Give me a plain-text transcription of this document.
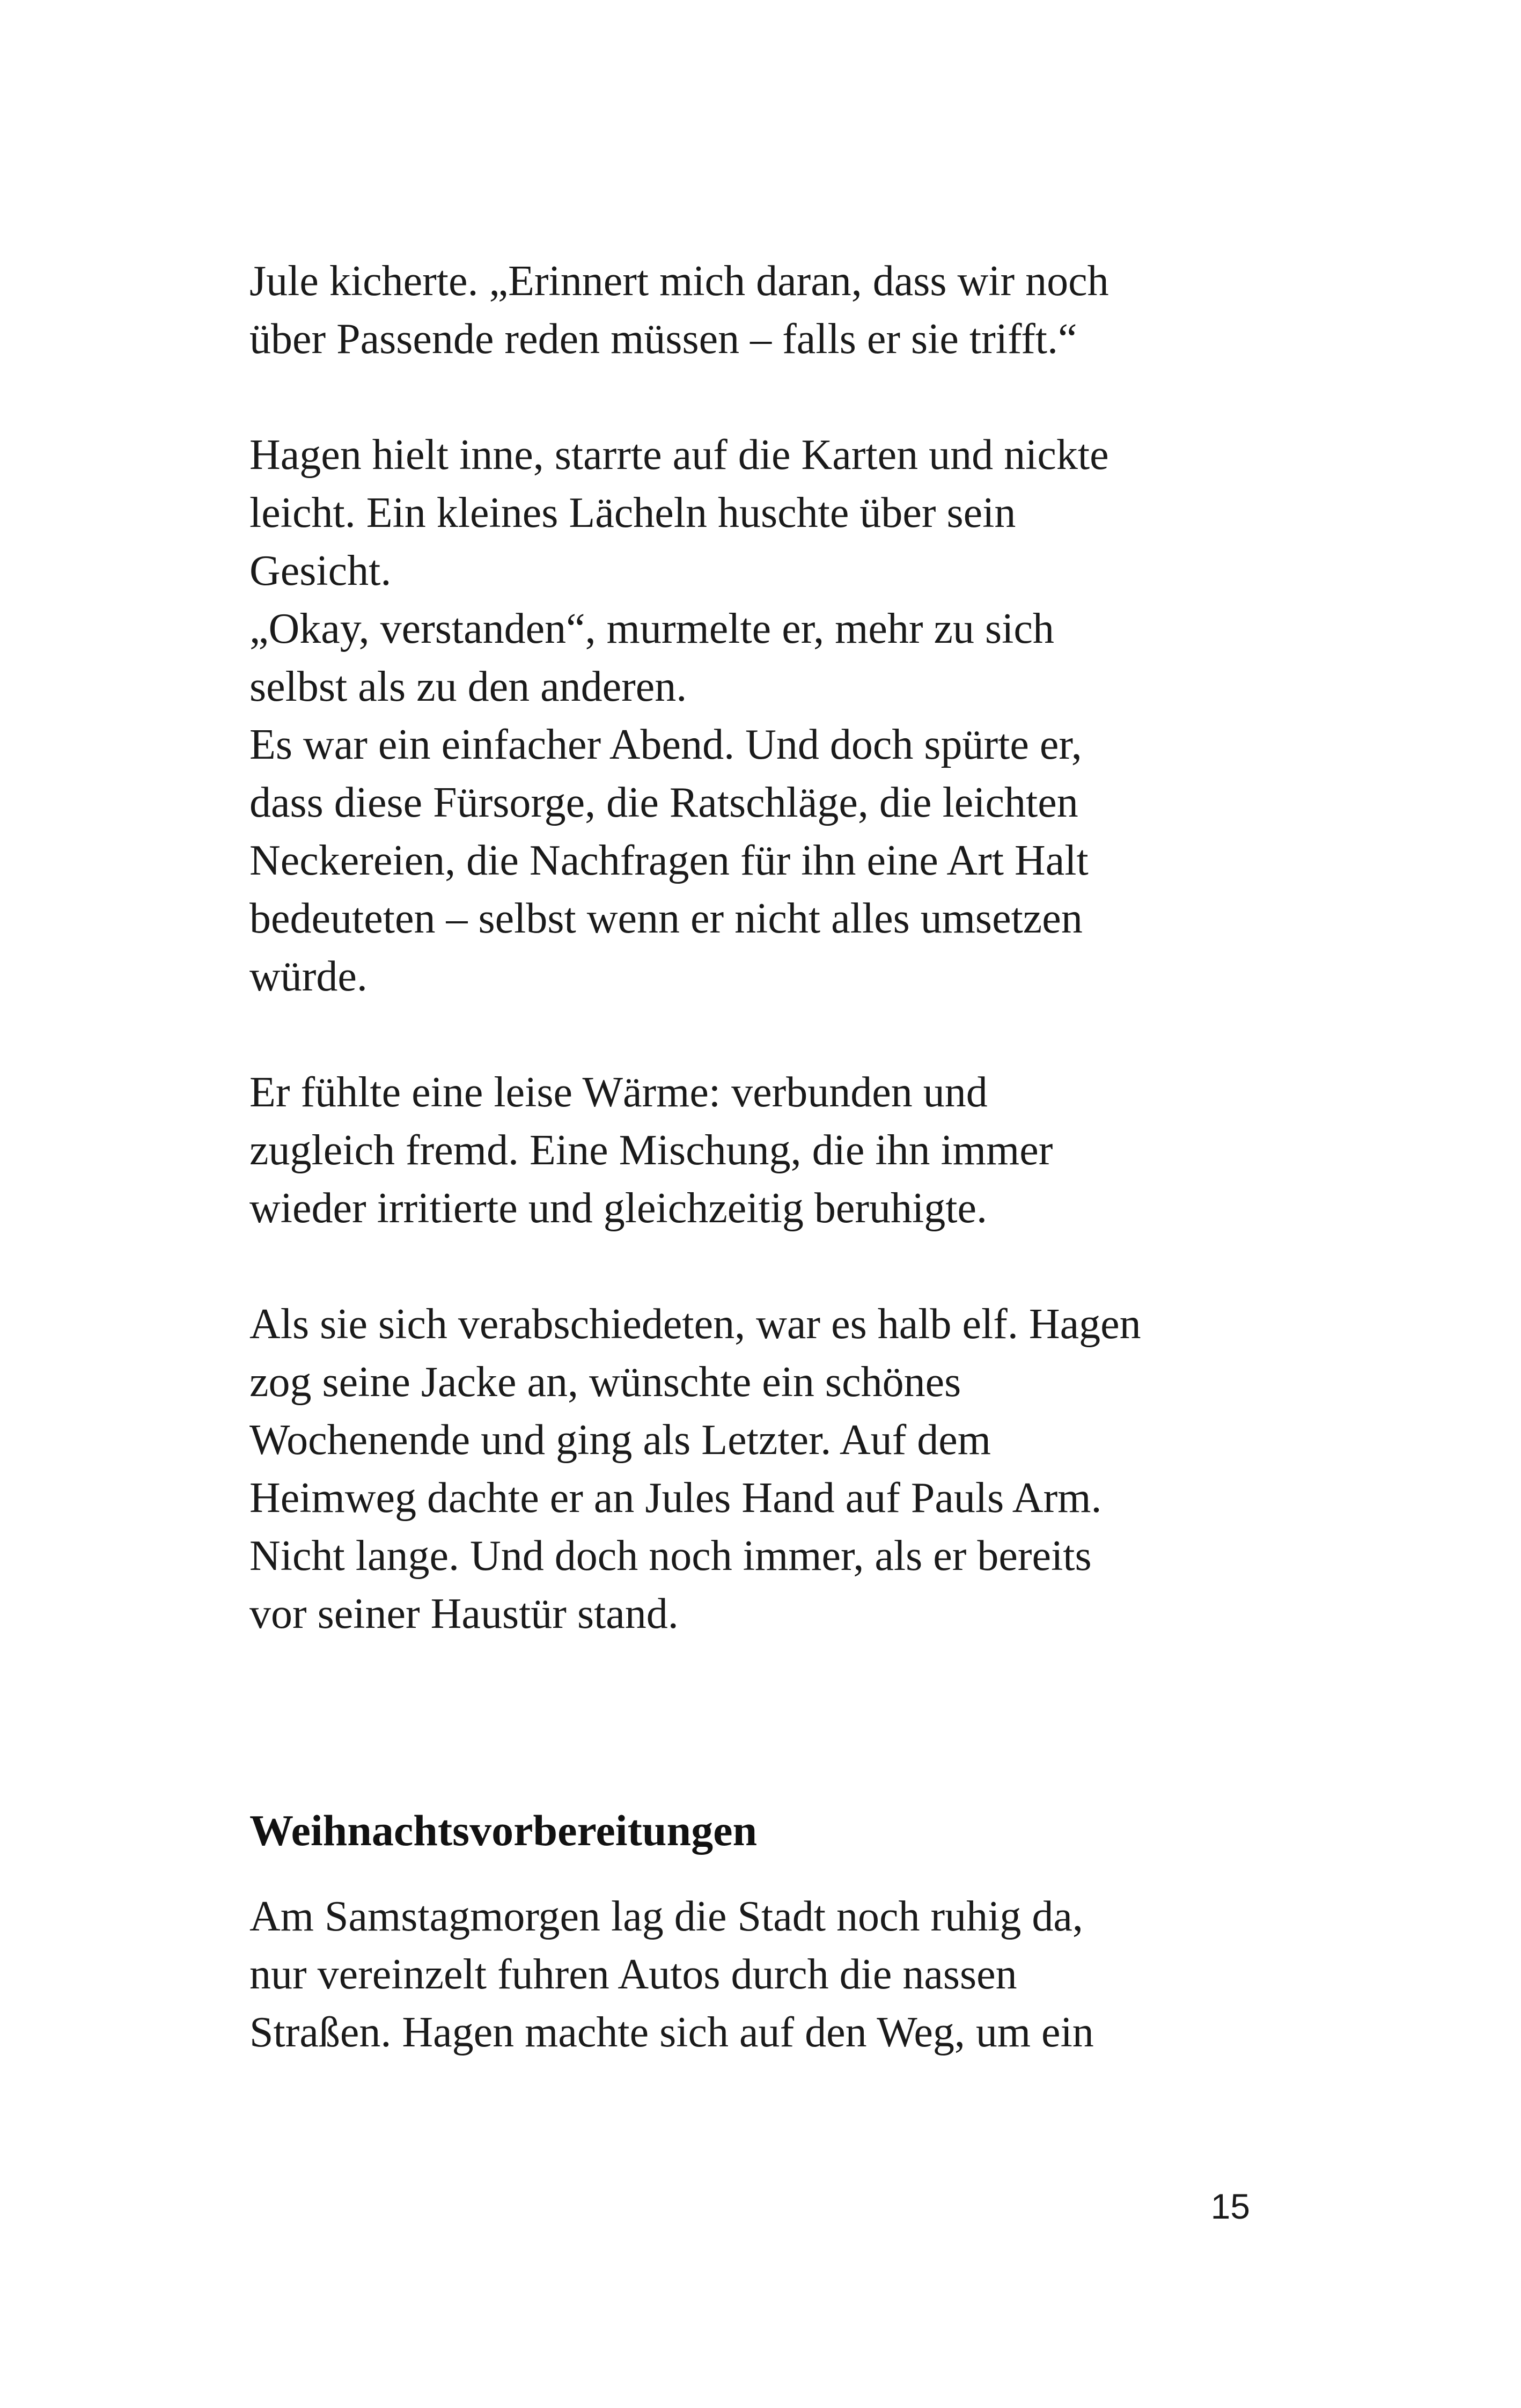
Jule kicherte. „Erinnert mich daran, dass wir noch
über Passende reden müssen – falls er sie trifft.“

Hagen hielt inne, starrte auf die Karten und nickte
leicht. Ein kleines Lächeln huschte über sein
Gesicht.
„Okay, verstanden“, murmelte er, mehr zu sich
selbst als zu den anderen.
Es war ein einfacher Abend. Und doch spürte er,
dass diese Fürsorge, die Ratschläge, die leichten
Neckereien, die Nachfragen für ihn eine Art Halt
bedeuteten – selbst wenn er nicht alles umsetzen
würde.

Er fühlte eine leise Wärme: verbunden und
zugleich fremd. Eine Mischung, die ihn immer
wieder irritierte und gleichzeitig beruhigte.

Als sie sich verabschiedeten, war es halb elf. Hagen
zog seine Jacke an, wünschte ein schönes
Wochenende und ging als Letzter. Auf dem
Heimweg dachte er an Jules Hand auf Pauls Arm.
Nicht lange. Und doch noch immer, als er bereits
vor seiner Haustür stand.

Weihnachtsvorbereitungen

Am Samstagmorgen lag die Stadt noch ruhig da,
nur vereinzelt fuhren Autos durch die nassen
Straßen. Hagen machte sich auf den Weg, um ein

15
